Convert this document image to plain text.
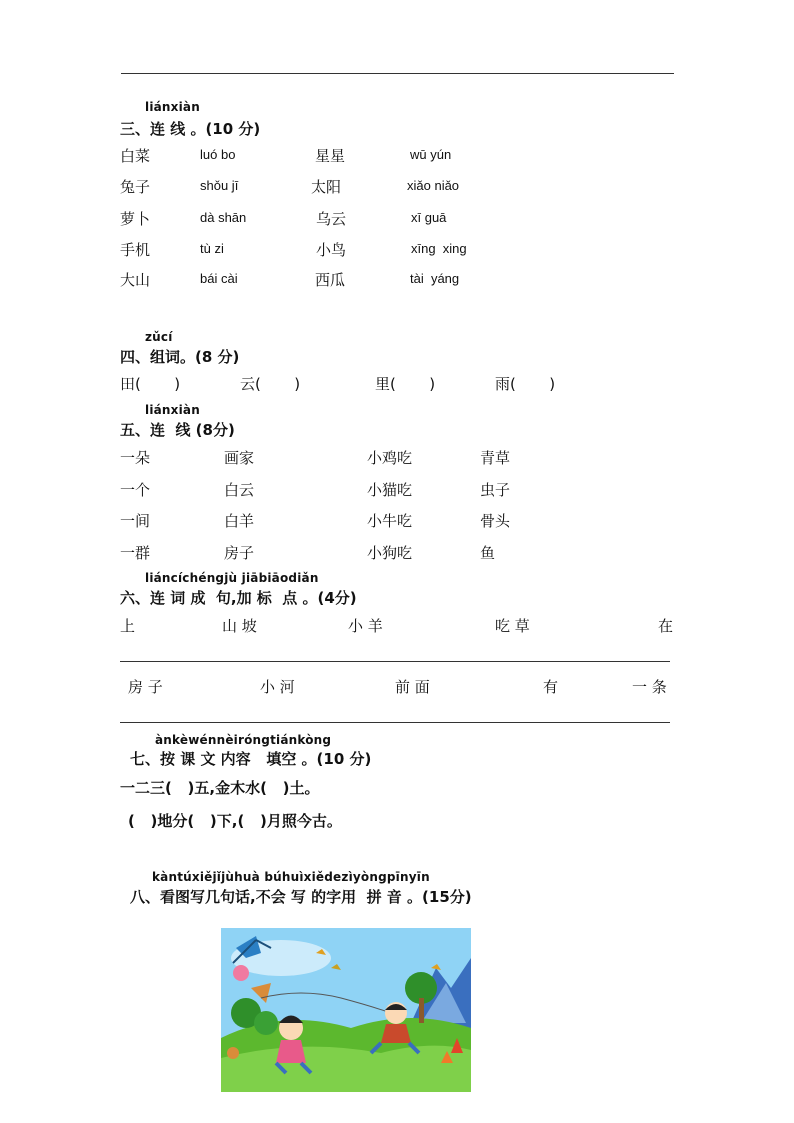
liánxiàn
三、连 线 。(10 分)
白菜	luó bo	星星	wū yún
兔子	shǒu jī	太阳	xiǎo niǎo
萝卜	dà shān	乌云	xī guā
手机	tù zi	小鸟	xīng  xing
大山	bái cài	西瓜	tài  yáng
zǔcí
四、组词。(8 分)
田(       )	云(       )	里(       )	雨(       )
liánxiàn
五、连  线 (8分)
一朵	画家	小鸡吃	青草
一个	白云	小猫吃	虫子
一间	白羊	小牛吃	骨头
一群	房子	小狗吃	鱼
liáncíchéngjù jiābiāodiǎn
六、连 词 成  句,加 标  点 。(4分)
上	山 坡	小 羊	吃 草	在
房 子	小 河	前 面	有	一 条
ànkèwénnèiróngtiánkòng
七、按 课 文 内容   填空 。(10 分)
一二三(   )五,金木水(   )土。
(   )地分(   )下,(   )月照今古。
kàntúxiějǐjùhuà búhuìxiědezìyòngpīnyīn
八、看图写几句话,不会 写 的字用  拼 音 。(15分)
